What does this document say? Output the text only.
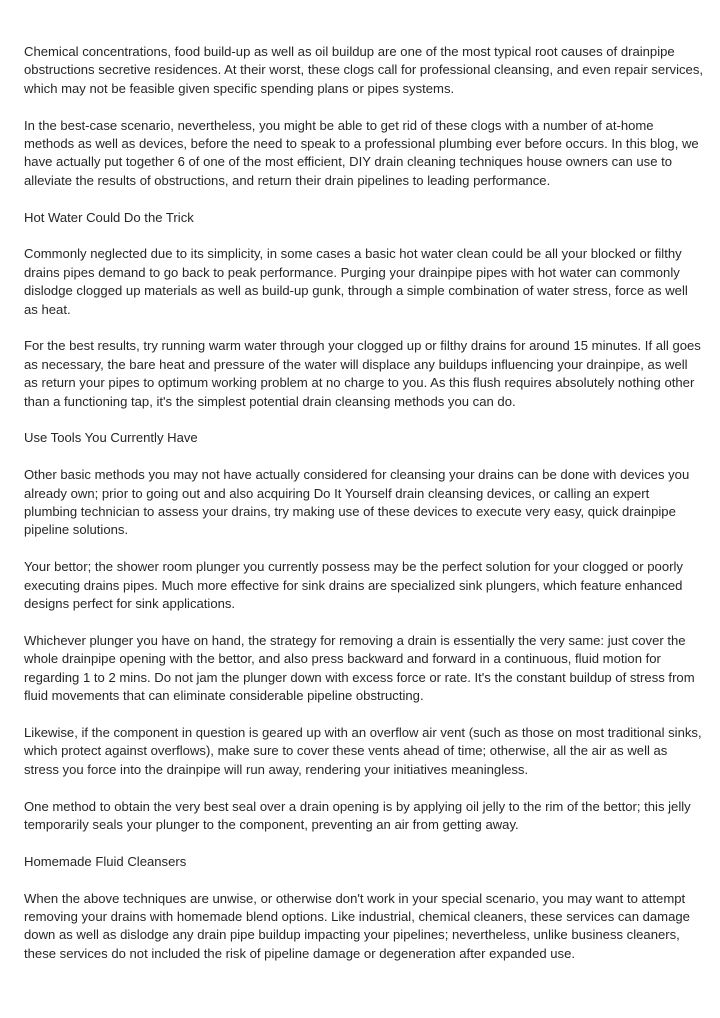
Chemical concentrations, food build-up as well as oil buildup are one of the most typical root causes of drainpipe obstructions secretive residences. At their worst, these clogs call for professional cleansing, and even repair services, which may not be feasible given specific spending plans or pipes systems.

In the best-case scenario, nevertheless, you might be able to get rid of these clogs with a number of at-home methods as well as devices, before the need to speak to a professional plumbing ever before occurs. In this blog, we have actually put together 6 of one of the most efficient, DIY drain cleaning techniques house owners can use to alleviate the results of obstructions, and return their drain pipelines to leading performance.

Hot Water Could Do the Trick

Commonly neglected due to its simplicity, in some cases a basic hot water clean could be all your blocked or filthy drains pipes demand to go back to peak performance. Purging your drainpipe pipes with hot water can commonly dislodge clogged up materials as well as build-up gunk, through a simple combination of water stress, force as well as heat.

For the best results, try running warm water through your clogged up or filthy drains for around 15 minutes. If all goes as necessary, the bare heat and pressure of the water will displace any buildups influencing your drainpipe, as well as return your pipes to optimum working problem at no charge to you. As this flush requires absolutely nothing other than a functioning tap, it's the simplest potential drain cleansing methods you can do.

Use Tools You Currently Have

Other basic methods you may not have actually considered for cleansing your drains can be done with devices you already own; prior to going out and also acquiring Do It Yourself drain cleansing devices, or calling an expert plumbing technician to assess your drains, try making use of these devices to execute very easy, quick drainpipe pipeline solutions.

Your bettor; the shower room plunger you currently possess may be the perfect solution for your clogged or poorly executing drains pipes. Much more effective for sink drains are specialized sink plungers, which feature enhanced designs perfect for sink applications.

Whichever plunger you have on hand, the strategy for removing a drain is essentially the very same: just cover the whole drainpipe opening with the bettor, and also press backward and forward in a continuous, fluid motion for regarding 1 to 2 mins. Do not jam the plunger down with excess force or rate. It's the constant buildup of stress from fluid movements that can eliminate considerable pipeline obstructing.

Likewise, if the component in question is geared up with an overflow air vent (such as those on most traditional sinks, which protect against overflows), make sure to cover these vents ahead of time; otherwise, all the air as well as stress you force into the drainpipe will run away, rendering your initiatives meaningless.

One method to obtain the very best seal over a drain opening is by applying oil jelly to the rim of the bettor; this jelly temporarily seals your plunger to the component, preventing an air from getting away.

Homemade Fluid Cleansers

When the above techniques are unwise, or otherwise don't work in your special scenario, you may want to attempt removing your drains with homemade blend options. Like industrial, chemical cleaners, these services can damage down as well as dislodge any drain pipe buildup impacting your pipelines; nevertheless, unlike business cleaners, these services do not included the risk of pipeline damage or degeneration after expanded use.
